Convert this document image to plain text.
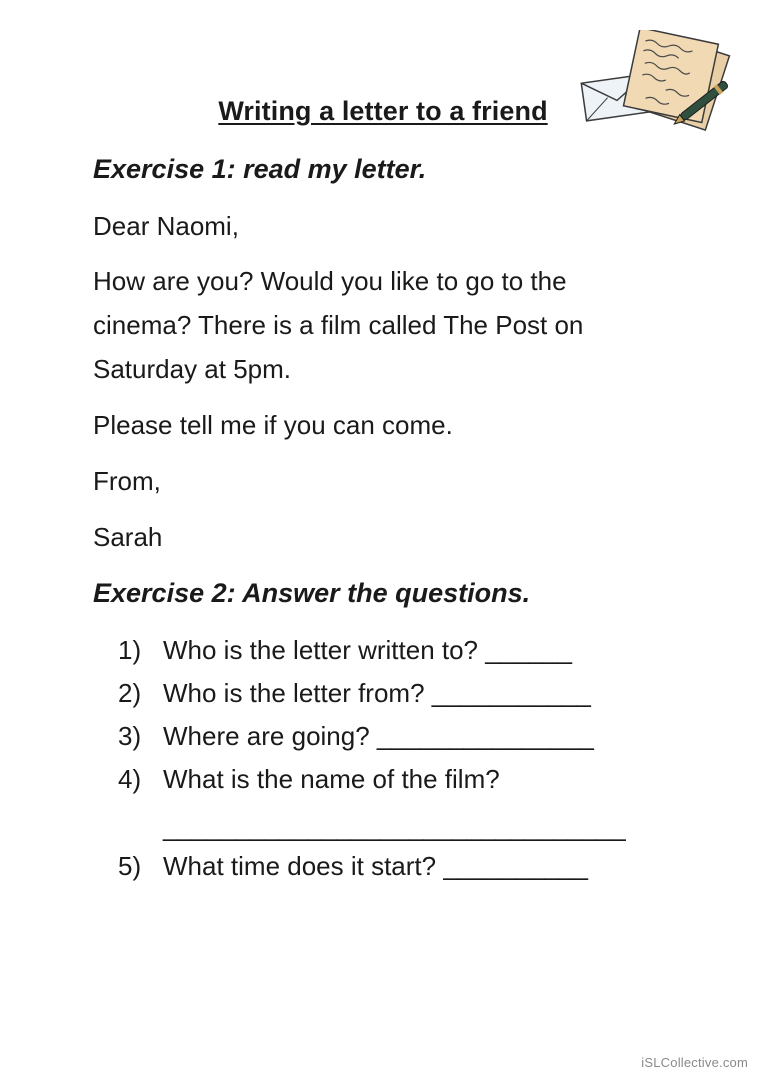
Writing a letter to a friend
Exercise 1: read my letter.
Dear Naomi,
How are you? Would you like to go to the
cinema? There is a film called The Post on
Saturday at 5pm.
Please tell me if you can come.
From,
Sarah
Exercise 2: Answer the questions.
1) Who is the letter written to? ______
2) Who is the letter from? ___________
3) Where are going? _______________
4) What is the name of the film?
________________________________
5) What time does it start? __________
iSLCollective.com
